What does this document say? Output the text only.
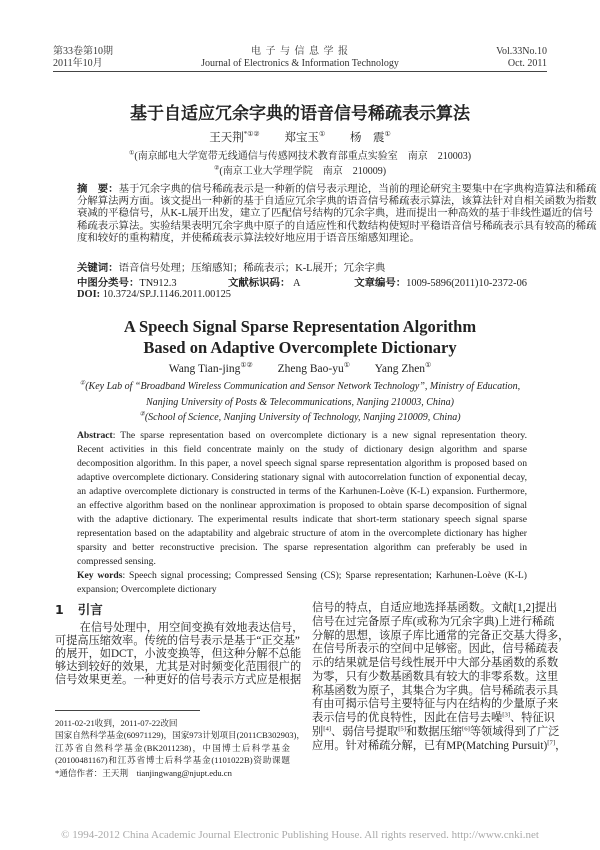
第33卷第10期
2011年10月
电 子 与 信 息 学 报
Journal of Electronics & Information Technology
Vol.33No.10
Oct. 2011
基于自适应冗余字典的语音信号稀疏表示算法
王天荆*①② 郑宝玉① 杨　震①
①(南京邮电大学宽带无线通信与传感网技术教育部重点实验室　南京　210003)
②(南京工业大学理学院　南京　210009)
摘　要：基于冗余字典的信号稀疏表示是一种新的信号表示理论，当前的理论研究主要集中在字典构造算法和稀疏
分解算法两方面。该文提出一种新的基于自适应冗余字典的语音信号稀疏表示算法，该算法针对自相关函数为指数
衰减的平稳信号，从K-L展开出发，建立了匹配信号结构的冗余字典，进而提出一种高效的基于非线性逼近的信号
稀疏表示算法。实验结果表明冗余字典中原子的自适应性和代数结构使短时平稳语音信号稀疏表示具有较高的稀疏
度和较好的重构精度，并使稀疏表示算法较好地应用于语音压缩感知理论。
关键词：语音信号处理；压缩感知；稀疏表示；K-L展开；冗余字典
中图分类号：TN912.3	文献标识码： A	文章编号：1009-5896(2011)10-2372-06
DOI: 10.3724/SP.J.1146.2011.00125
A Speech Signal Sparse Representation Algorithm
Based on Adaptive Overcomplete Dictionary
Wang Tian-jing①② Zheng Bao-yu① Yang Zhen①
①(Key Lab of “Broadband Wireless Communication and Sensor Network Technology”, Ministry of Education,
Nanjing University of Posts & Telecommunications, Nanjing 210003, China)
②(School of Science, Nanjing University of Technology, Nanjing 210009, China)
Abstract: The sparse representation based on overcomplete dictionary is a new signal representation theory.
Recent activities in this field concentrate mainly on the study of dictionary design algorithm and sparse
decomposition algorithm. In this paper, a novel speech signal sparse representation algorithm is proposed based on
adaptive overcomplete dictionary. Considering stationary signal with autocorrelation function of exponential decay,
an adaptive overcomplete dictionary is constructed in terms of the Karhunen-Loève (K-L) expansion. Furthermore,
an effective algorithm based on the nonlinear approximation is proposed to obtain sparse decomposition of signal
with the adaptive dictionary. The experimental results indicate that short-term stationary speech signal sparse
representation based on the adaptability and algebraic structure of atom in the overcomplete dictionary has higher
sparsity and better reconstructive precision. The sparse representation algorithm can preferably be used in
compressed sensing.
Key words: Speech signal processing; Compressed Sensing (CS); Sparse representation; Karhunen-Loève (K-L)
expansion; Overcomplete dictionary
1 引言
在信号处理中，用空间变换有效地表达信号，
可提高压缩效率。传统的信号表示是基于“正交基”
的展开，如DCT，小波变换等，但这种分解不总能
够达到较好的效果，尤其是对时频变化范围很广的
信号效果更差。一种更好的信号表示方式应是根据
信号的特点，自适应地选择基函数。文献[1,2]提出
信号在过完备原子库(或称为冗余字典)上进行稀疏
分解的思想，该原子库比通常的完备正交基大得多，
在信号所表示的空间中足够密。因此，信号稀疏表
示的结果就是信号线性展开中大部分基函数的系数
为零，只有少数基函数具有较大的非零系数。这里
称基函数为原子，其集合为字典。信号稀疏表示具
有由可揭示信号主要特征与内在结构的少量原子来
表示信号的优良特性，因此在信号去噪[3]、特征识
别[4]、弱信号提取[5]和数据压缩[6]等领域得到了广泛
应用。针对稀疏分解，已有MP(Matching Pursuit)[7]，
2011-02-21收到，2011-07-22改回
国家自然科学基金(60971129)，国家973计划项目(2011CB302903)，
江苏省自然科学基金(BK2011238)，中国博士后科学基金
(20100481167)和江苏省博士后科学基金(1101022B)资助课题
*通信作者：王天荆　tianjingwang@njupt.edu.cn
© 1994-2012 China Academic Journal Electronic Publishing House. All rights reserved. http://www.cnki.net
